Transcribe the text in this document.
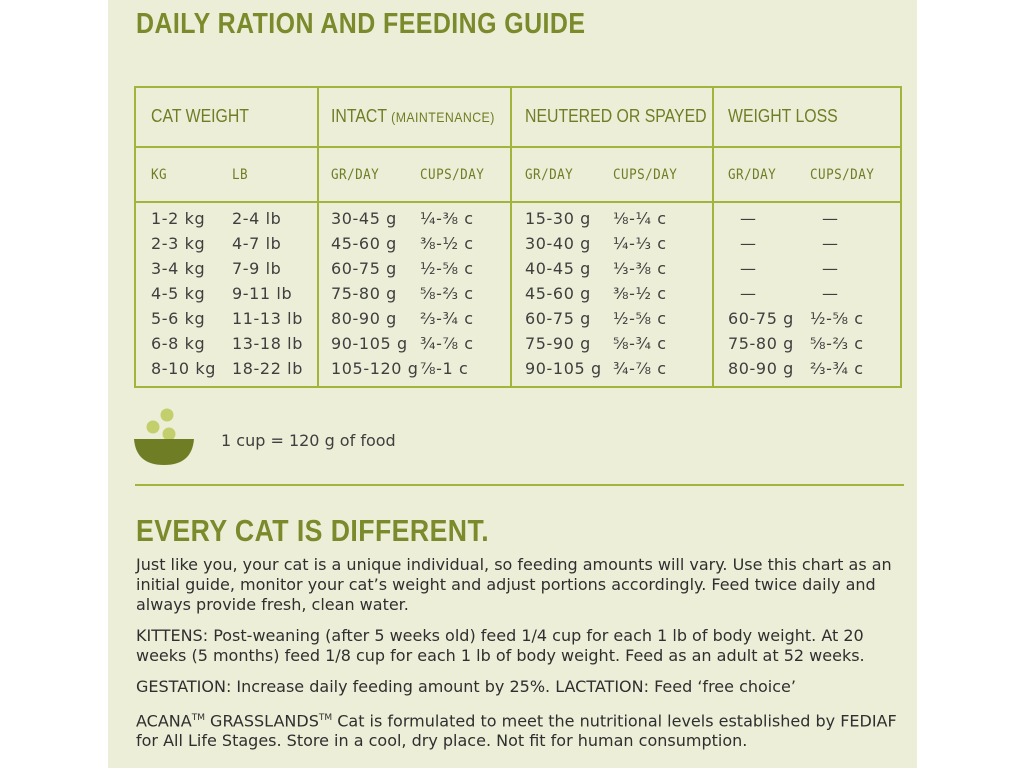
DAILY RATION AND FEEDING GUIDE
CAT WEIGHT	INTACT (MAINTENANCE) NEUTERED OR SPAYED WEIGHT LOSS
KG	LB	GR/DAY	CUPS/DAY	GR/DAY	CUPS/DAY	GR/DAY CUPS/DAY
1-2 kg 2-4 lb	30-45 g ¼-⅜ c	15-30 g ⅛-¼ c	—	—
2-3 kg 4-7 lb	45-60 g ⅜-½ c	30-40 g ¼-⅓ c	—	—
3-4 kg 7-9 lb	60-75 g ½-⅝ c	40-45 g ⅓-⅜ c	—	—
4-5 kg 9-11 lb 75-80 g ⅝-⅔ c	45-60 g ⅜-½ c	—	—
5-6 kg 11-13 lb 80-90 g ⅔-¾ c	60-75 g ½-⅝ c	60-75 g ½-⅝ c
6-8 kg 13-18 lb 90-105 g ¾-⅞ c	75-90 g ⅝-¾ c	75-80 g ⅝-⅔ c
8-10 kg 18-22 lb 105-120 g ⅞-1 c	90-105 g ¾-⅞ c	80-90 g ⅔-¾ c
1 cup = 120 g of food
EVERY CAT IS DIFFERENT.

Just like you, your cat is a unique individual, so feeding amounts will vary. Use this chart as an initial guide, monitor your cat’s weight and adjust portions accordingly. Feed twice daily and always provide fresh, clean water.

KITTENS: Post-weaning (after 5 weeks old) feed 1/4 cup for each 1 lb of body weight. At 20 weeks (5 months) feed 1/8 cup for each 1 lb of body weight. Feed as an adult at 52 weeks.

GESTATION: Increase daily feeding amount by 25%. LACTATION: Feed ‘free choice’

ACANA™ GRASSLANDS™ Cat is formulated to meet the nutritional levels established by FEDIAF for All Life Stages. Store in a cool, dry place. Not fit for human consumption.
